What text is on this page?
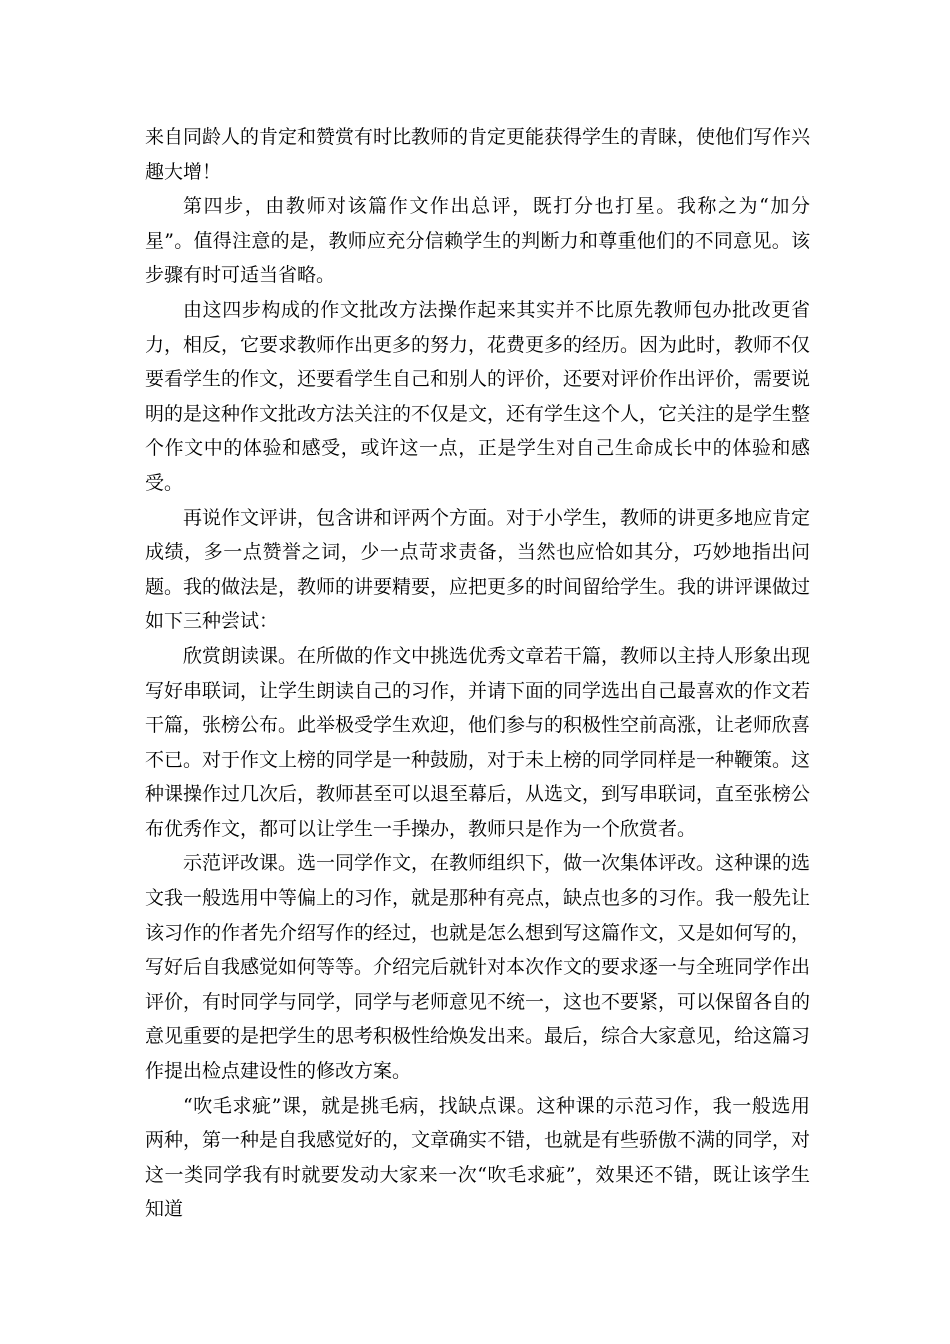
来自同龄人的肯定和赞赏有时比教师的肯定更能获得学生的青睐，使他们写作兴趣大增！

第四步，由教师对该篇作文作出总评，既打分也打星。我称之为“加分星”。值得注意的是，教师应充分信赖学生的判断力和尊重他们的不同意见。该步骤有时可适当省略。

由这四步构成的作文批改方法操作起来其实并不比原先教师包办批改更省力，相反，它要求教师作出更多的努力，花费更多的经历。因为此时，教师不仅要看学生的作文，还要看学生自己和别人的评价，还要对评价作出评价，需要说明的是这种作文批改方法关注的不仅是文，还有学生这个人，它关注的是学生整个作文中的体验和感受，或许这一点，正是学生对自己生命成长中的体验和感受。

再说作文评讲，包含讲和评两个方面。对于小学生，教师的讲更多地应肯定成绩，多一点赞誉之词，少一点苛求责备，当然也应恰如其分，巧妙地指出问题。我的做法是，教师的讲要精要，应把更多的时间留给学生。我的讲评课做过如下三种尝试：

欣赏朗读课。在所做的作文中挑选优秀文章若干篇，教师以主持人形象出现写好串联词，让学生朗读自己的习作，并请下面的同学选出自己最喜欢的作文若干篇，张榜公布。此举极受学生欢迎，他们参与的积极性空前高涨，让老师欣喜不已。对于作文上榜的同学是一种鼓励，对于未上榜的同学同样是一种鞭策。这种课操作过几次后，教师甚至可以退至幕后，从选文，到写串联词，直至张榜公布优秀作文，都可以让学生一手操办，教师只是作为一个欣赏者。

示范评改课。选一同学作文，在教师组织下，做一次集体评改。这种课的选文我一般选用中等偏上的习作，就是那种有亮点，缺点也多的习作。我一般先让该习作的作者先介绍写作的经过，也就是怎么想到写这篇作文，又是如何写的，写好后自我感觉如何等等。介绍完后就针对本次作文的要求逐一与全班同学作出评价，有时同学与同学，同学与老师意见不统一，这也不要紧，可以保留各自的意见重要的是把学生的思考积极性给焕发出来。最后，综合大家意见，给这篇习作提出检点建设性的修改方案。

“吹毛求疵”课，就是挑毛病，找缺点课。这种课的示范习作，我一般选用两种，第一种是自我感觉好的，文章确实不错，也就是有些骄傲不满的同学，对这一类同学我有时就要发动大家来一次“吹毛求疵”，效果还不错，既让该学生知道
